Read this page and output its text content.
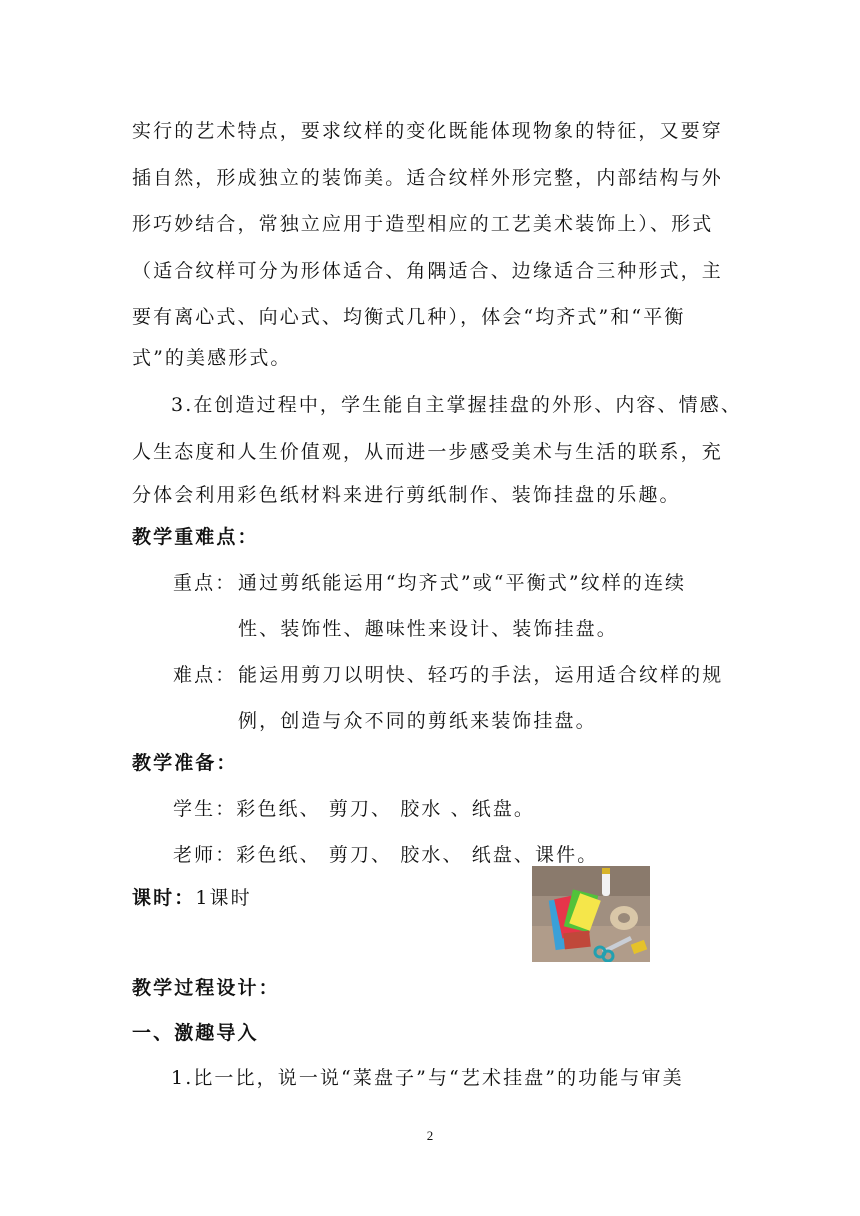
实行的艺术特点，要求纹样的变化既能体现物象的特征，又要穿
插自然，形成独立的装饰美。适合纹样外形完整，内部结构与外
形巧妙结合，常独立应用于造型相应的工艺美术装饰上）、形式
（适合纹样可分为形体适合、角隅适合、边缘适合三种形式，主
要有离心式、向心式、均衡式几种），体会“均齐式”和“平衡
式”的美感形式。
3.在创造过程中，学生能自主掌握挂盘的外形、内容、情感、
人生态度和人生价值观，从而进一步感受美术与生活的联系，充
分体会利用彩色纸材料来进行剪纸制作、装饰挂盘的乐趣。
教学重难点：
重点： 通过剪纸能运用“均齐式”或“平衡式”纹样的连续
性、装饰性、趣味性来设计、装饰挂盘。
难点： 能运用剪刀以明快、轻巧的手法，运用适合纹样的规
例，创造与众不同的剪纸来装饰挂盘。
教学准备：
学生：彩色纸、 剪刀、 胶水 、纸盘。
老师：彩色纸、 剪刀、 胶水、 纸盘、课件。
课时：1课时
教学过程设计：
一、激趣导入
1.比一比，说一说“菜盘子”与“艺术挂盘”的功能与审美
2
